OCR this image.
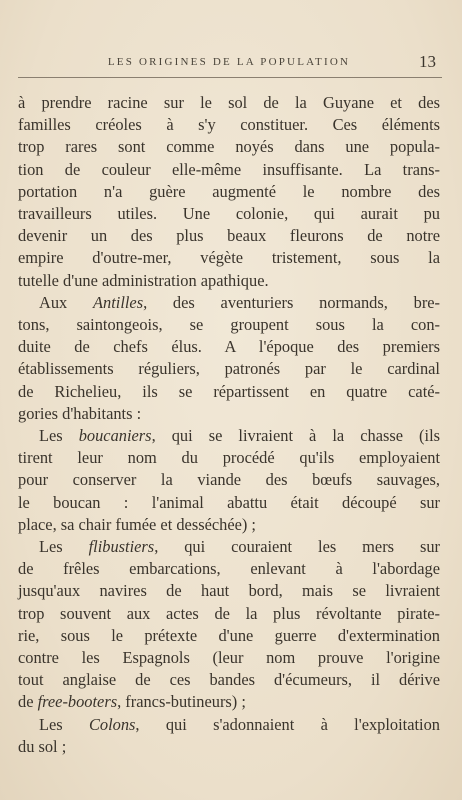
LES ORIGINES DE LA POPULATION	13
à prendre racine sur le sol de la Guyane et des
familles créoles à s'y constituer. Ces éléments
trop rares sont comme noyés dans une popula-
tion de couleur elle-même insuffisante. La trans-
portation n'a guère augmenté le nombre des
travailleurs utiles. Une colonie, qui aurait pu
devenir un des plus beaux fleurons de notre
empire d'outre-mer, végète tristement, sous la
tutelle d'une administration apathique.
Aux Antilles, des aventuriers normands, bre-
tons, saintongeois, se groupent sous la con-
duite de chefs élus. A l'époque des premiers
établissements réguliers, patronés par le cardinal
de Richelieu, ils se répartissent en quatre caté-
gories d'habitants :
Les boucaniers, qui se livraient à la chasse (ils
tirent leur nom du procédé qu'ils employaient
pour conserver la viande des bœufs sauvages,
le boucan : l'animal abattu était découpé sur
place, sa chair fumée et desséchée) ;
Les flibustiers, qui couraient les mers sur
de frêles embarcations, enlevant à l'abordage
jusqu'aux navires de haut bord, mais se livraient
trop souvent aux actes de la plus révoltante pirate-
rie, sous le prétexte d'une guerre d'extermination
contre les Espagnols (leur nom prouve l'origine
tout anglaise de ces bandes d'écumeurs, il dérive
de free-booters, francs-butineurs) ;
Les Colons, qui s'adonnaient à l'exploitation
du sol ;
